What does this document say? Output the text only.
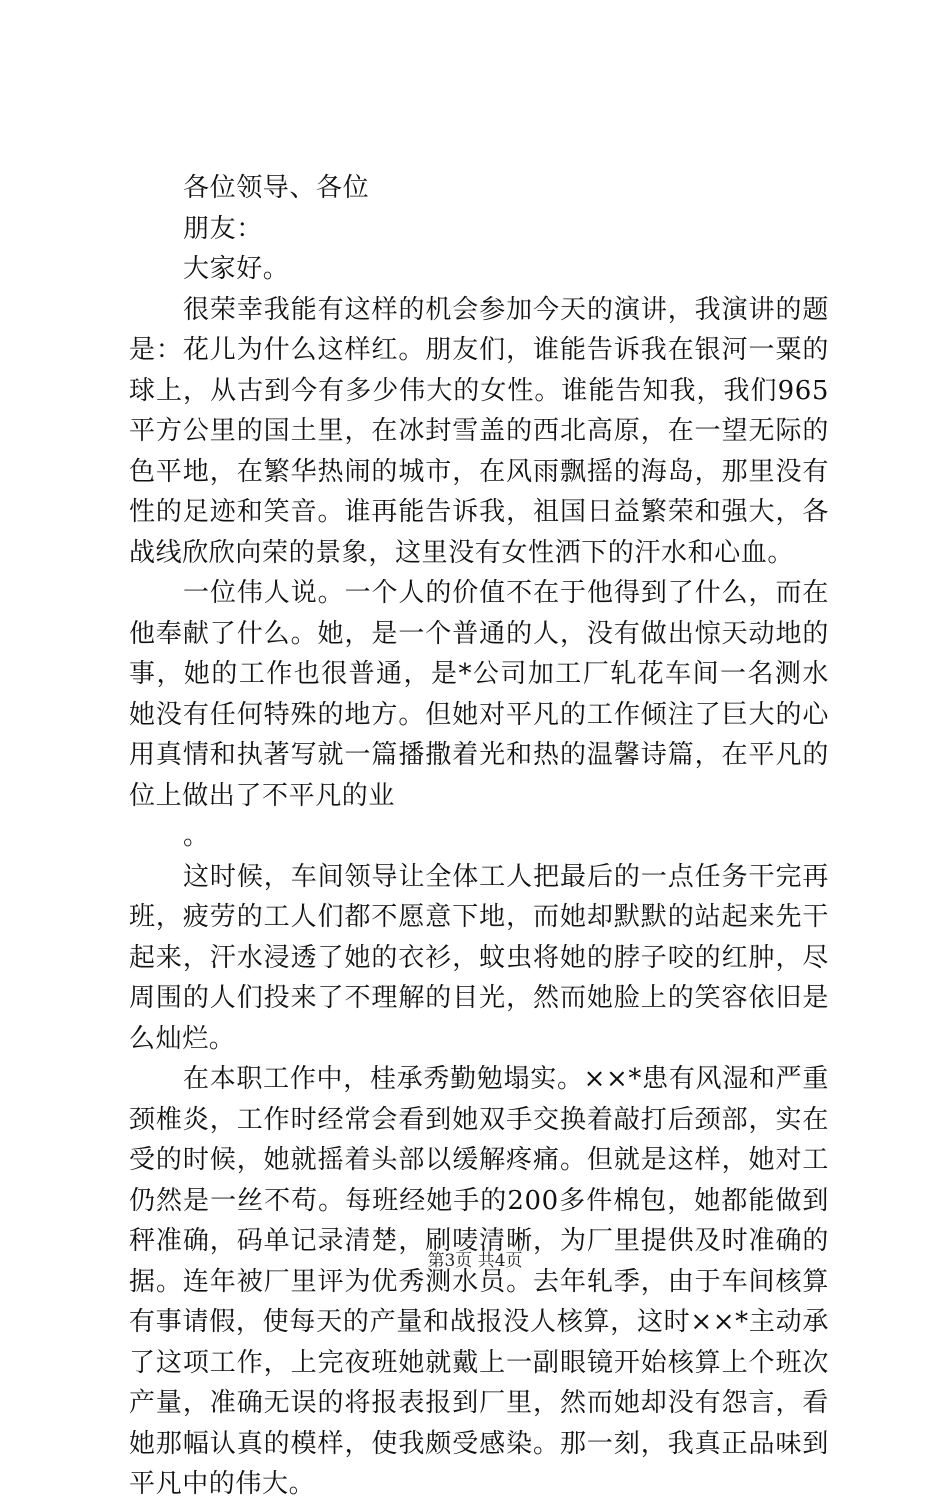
各位领导、各位
朋友：
大家好。
很荣幸我能有这样的机会参加今天的演讲，我演讲的题
是：花儿为什么这样红。朋友们，谁能告诉我在银河一粟的
球上，从古到今有多少伟大的女性。谁能告知我，我们965
平方公里的国土里，在冰封雪盖的西北高原，在一望无际的
色平地，在繁华热闹的城市，在风雨飘摇的海岛，那里没有
性的足迹和笑音。谁再能告诉我，祖国日益繁荣和强大，各
战线欣欣向荣的景象，这里没有女性洒下的汗水和心血。
一位伟人说。一个人的价值不在于他得到了什么，而在
他奉献了什么。她，是一个普通的人，没有做出惊天动地的
事，她的工作也很普通，是*公司加工厂轧花车间一名测水
她没有任何特殊的地方。但她对平凡的工作倾注了巨大的心
用真情和执著写就一篇播撒着光和热的温馨诗篇，在平凡的
位上做出了不平凡的业
。
这时候，车间领导让全体工人把最后的一点任务干完再
班，疲劳的工人们都不愿意下地，而她却默默的站起来先干
起来，汗水浸透了她的衣衫，蚊虫将她的脖子咬的红肿，尽
周围的人们投来了不理解的目光，然而她脸上的笑容依旧是
么灿烂。
在本职工作中，桂承秀勤勉塌实。××*患有风湿和严重
颈椎炎，工作时经常会看到她双手交换着敲打后颈部，实在
受的时候，她就摇着头部以缓解疼痛。但就是这样，她对工
仍然是一丝不苟。每班经她手的200多件棉包，她都能做到
秤准确，码单记录清楚，刷唛清晰，为厂里提供及时准确的
据。连年被厂里评为优秀测水员。去年轧季，由于车间核算
有事请假，使每天的产量和战报没人核算，这时××*主动承
了这项工作，上完夜班她就戴上一副眼镜开始核算上个班次
产量，准确无误的将报表报到厂里，然而她却没有怨言，看
她那幅认真的模样，使我颇受感染。那一刻，我真正品味到
平凡中的伟大。
第3页 共4页
